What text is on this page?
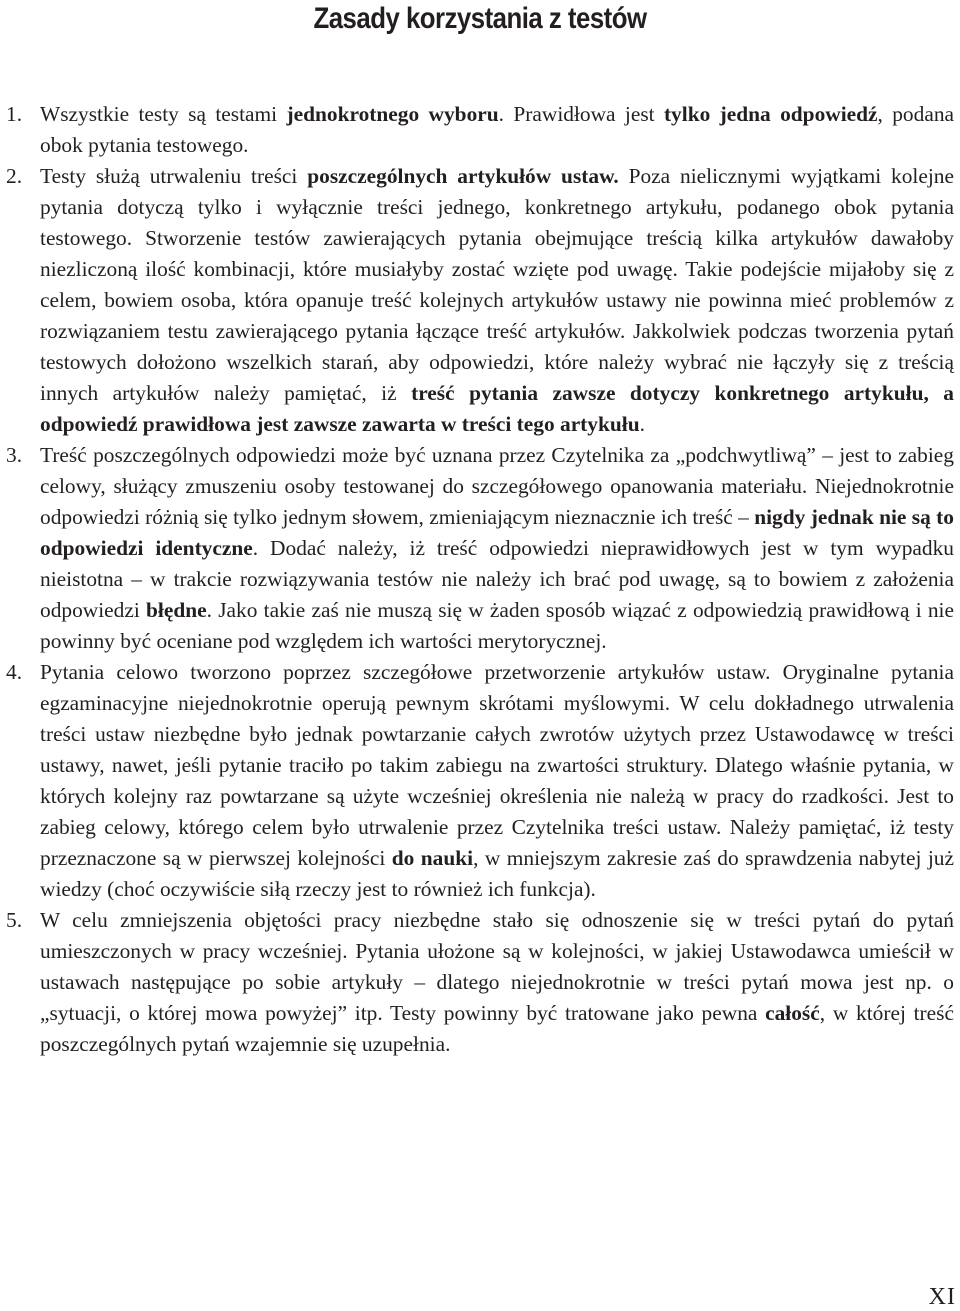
Zasady korzystania z testów
1. Wszystkie testy są testami jednokrotnego wyboru. Prawidłowa jest tylko jedna odpowiedź, podana obok pytania testowego.
2. Testy służą utrwaleniu treści poszczególnych artykułów ustaw. Poza nielicznymi wyjątkami kolejne pytania dotyczą tylko i wyłącznie treści jednego, konkretnego artykułu, podanego obok pytania testowego. Stworzenie testów zawierających pytania obejmujące treścią kilka artykułów dawałoby niezliczoną ilość kombinacji, które musiałyby zostać wzięte pod uwagę. Takie podejście mijałoby się z celem, bowiem osoba, która opanuje treść kolejnych artykułów ustawy nie powinna mieć problemów z rozwiązaniem testu zawierającego pytania łączące treść artykułów. Jakkolwiek podczas tworzenia pytań testowych dołożono wszelkich starań, aby odpowiedzi, które należy wybrać nie łączyły się z treścią innych artykułów należy pamiętać, iż treść pytania zawsze dotyczy konkretnego artykułu, a odpowiedź prawidłowa jest zawsze zawarta w treści tego artykułu.
3. Treść poszczególnych odpowiedzi może być uznana przez Czytelnika za „podchwytliwą” – jest to zabieg celowy, służący zmuszeniu osoby testowanej do szczegółowego opanowania materiału. Niejednokrotnie odpowiedzi różnią się tylko jednym słowem, zmieniającym nieznacznie ich treść – nigdy jednak nie są to odpowiedzi identyczne. Dodać należy, iż treść odpowiedzi nieprawidłowych jest w tym wypadku nieistotna – w trakcie rozwiązywania testów nie należy ich brać pod uwagę, są to bowiem z założenia odpowiedzi błędne. Jako takie zaś nie muszą się w żaden sposób wiązać z odpowiedzią prawidłową i nie powinny być oceniane pod względem ich wartości merytorycznej.
4. Pytania celowo tworzono poprzez szczegółowe przetworzenie artykułów ustaw. Oryginalne pytania egzaminacyjne niejednokrotnie operują pewnym skrótami myślowymi. W celu dokładnego utrwalenia treści ustaw niezbędne było jednak powtarzanie całych zwrotów użytych przez Ustawodawcę w treści ustawy, nawet, jeśli pytanie traciło po takim zabiegu na zwartości struktury. Dlatego właśnie pytania, w których kolejny raz powtarzane są użyte wcześniej określenia nie należą w pracy do rzadkości. Jest to zabieg celowy, którego celem było utrwalenie przez Czytelnika treści ustaw. Należy pamiętać, iż testy przeznaczone są w pierwszej kolejności do nauki, w mniejszym zakresie zaś do sprawdzenia nabytej już wiedzy (choć oczywiście siłą rzeczy jest to również ich funkcja).
5. W celu zmniejszenia objętości pracy niezbędne stało się odnoszenie się w treści pytań do pytań umieszczonych w pracy wcześniej. Pytania ułożone są w kolejności, w jakiej Ustawodawca umieścił w ustawach następujące po sobie artykuły – dlatego niejednokrotnie w treści pytań mowa jest np. o „sytuacji, o której mowa powyżej” itp. Testy powinny być tratowane jako pewna całość, w której treść poszczególnych pytań wzajemnie się uzupełnia.
XI
